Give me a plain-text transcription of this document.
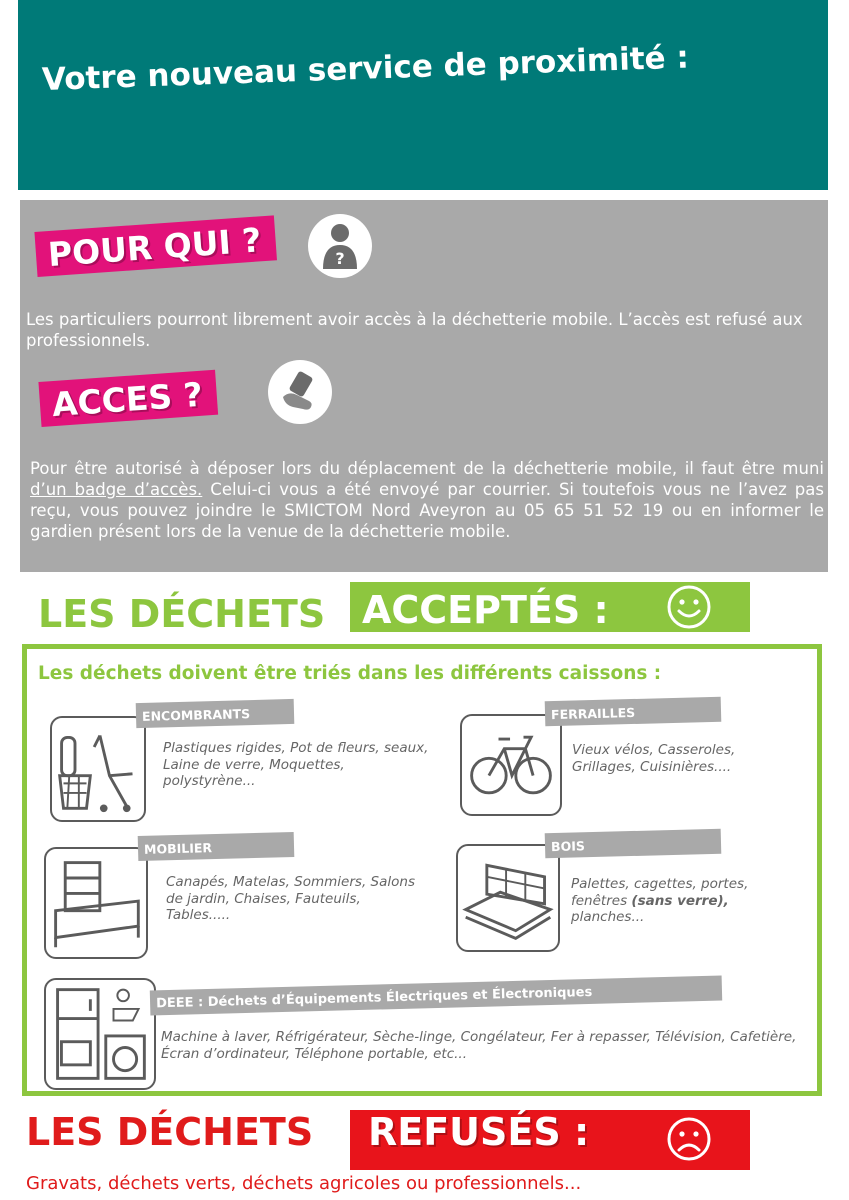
Votre nouveau service de proximité :
POUR QUI ?	?
Les particuliers pourront librement avoir accès à la déchetterie mobile. L’accès est refusé aux professionnels.
ACCES ?
Pour être autorisé à déposer lors du déplacement de la déchetterie mobile, il faut être muni d’un badge d’accès. Celui-ci vous a été envoyé par courrier. Si toutefois vous ne l’avez pas reçu, vous pouvez joindre le SMICTOM Nord Aveyron au 05 65 51 52 19 ou en informer le gardien présent lors de la venue de la déchetterie mobile.
LES DÉCHETS ACCEPTÉS :
Les déchets doivent être triés dans les différents caissons :
ENCOMBRANTS
Plastiques rigides, Pot de fleurs, seaux, Laine de verre, Moquettes, polystyrène...
FERRAILLES
Vieux vélos, Casseroles, Grillages, Cuisinières....
MOBILIER
Canapés, Matelas, Sommiers, Salons de jardin, Chaises, Fauteuils, Tables.....
BOIS
Palettes, cagettes, portes, fenêtres (sans verre), planches...
DEEE : Déchets d’Équipements Électriques et Électroniques
Machine à laver, Réfrigérateur, Sèche-linge, Congélateur, Fer à repasser, Télévision, Cafetière, Écran d’ordinateur, Téléphone portable, etc...
LES DÉCHETS REFUSÉS :
Gravats, déchets verts, déchets agricoles ou professionnels...
